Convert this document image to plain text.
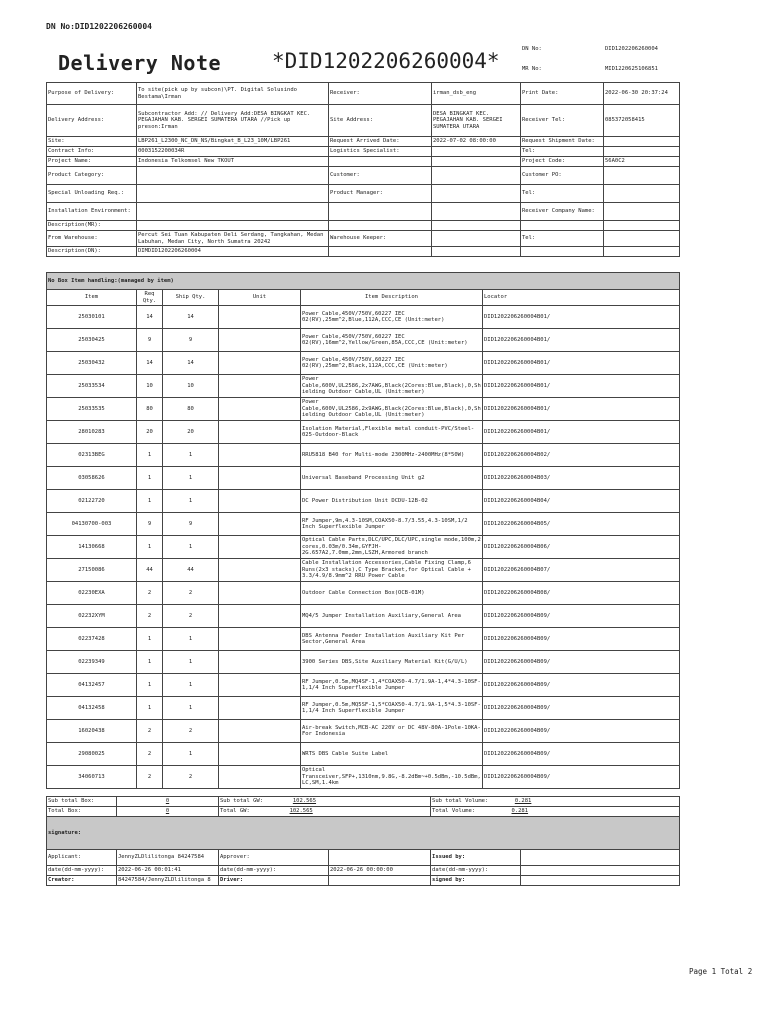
DN No:DID1202206260004
Delivery Note *DID1202206260004*	DN No:	DID1202206260004
MR No:	MID1220625106851
Purpose of Delivery:	To site(pick up by subcon)\PT. Digital Solusindo Bestama\Irman	Receiver:	irman_dsb_eng	Print Date:	2022-06-30 20:37:24
Delivery Address:	Subcontractor Add: // Delivery Add:DESA BINGKAT KEC. PEGAJAHAN KAB. SERGEI SUMATERA UTARA //Pick up preson:Irman	Site Address:	DESA BINGKAT KEC. PEGAJAHAN KAB. SERGEI SUMATERA UTARA	Receiver Tel:	085372058415
Site:	LBP261_L2300_NC_DN_NS/Bingkat_B_L23_10M/LBP261	Request Arrived Date:	2022-07-02 08:00:00	Request Shipment Date:	
Contract Info:	0003152200034R	Logistics Specialist:		Tel:	
Project Name:	Indonesia Telkomsel New TKOUT			Project Code:	56A0C2
Product Category:		Customer:		Customer PO:	
Special Unloading Req.:		Product Manager:		Tel:	
Installation Environment:				Receiver Company Name:	
Description(MR):					
From Warehouse:	Percut Sei Tuan Kabupaten Deli Serdang, Tangkahan, Medan Labuhan, Medan City, North Sumatra 20242	Warehouse Keeper:		Tel:	
Description(DN):	DIMDID1202206260004				
No Box Item handling:(managed by item)					
Item	Req Qty.	Ship Qty.	Unit	Item Description	Locator
25030101	14	14		Power Cable,450V/750V,60227 IEC 02(RV),25mm^2,Blue,112A,CCC,CE (Unit:meter)	DID1202206260004B01/
25030425	9	9		Power Cable,450V/750V,60227 IEC 02(RV),16mm^2,Yellow/Green,85A,CCC,CE (Unit:meter)	DID1202206260004B01/
25030432	14	14		Power Cable,450V/750V,60227 IEC 02(RV),25mm^2,Black,112A,CCC,CE (Unit:meter)	DID1202206260004B01/
25033534	10	10		Power Cable,600V,UL2586,2x7AWG,Black(2Cores:Blue,Black),0,Shielding Outdoor Cable,UL (Unit:meter)	DID1202206260004B01/
25033535	80	80		Power Cable,600V,UL2586,2x9AWG,Black(2Cores:Blue,Black),0,Shielding Outdoor Cable,UL (Unit:meter)	DID1202206260004B01/
28010283	20	20		Isolation Material,Flexible metal conduit-PVC/Steel-025-Outdoor-Black	DID1202206260004B01/
02313BEG	1	1		RRU5818 B40 for Multi-mode 2300MHz-2400MHz(8*50W)	DID1202206260004B02/
03058626	1	1		Universal Baseband Processing Unit g2	DID1202206260004B03/
02122720	1	1		DC Power Distribution Unit DCDU-12B-02	DID1202206260004B04/
04130700-003	9	9		RF Jumper,9m,4.3-10SM,COAX50-8.7/3.55,4.3-10SM,1/2 Inch Superflexible Jumper	DID1202206260004B05/
14130668	1	1		Optical Cable Parts,DLC/UPC,DLC/UPC,single mode,100m,2 cores,0.03m/0.34m,GYFJH-2G.657A2,7.0mm,2mm,LSZH,Armored branch	DID1202206260004B06/
27150086	44	44		Cable Installation Accessories,Cable Fixing Clamp,6 Runs(2x3 stacks),C Type Bracket,for Optical Cable + 3.3/4.9/8.9mm^2 RRU Power Cable	DID1202206260004B07/
02230EXA	2	2		Outdoor Cable Connection Box(OCB-01M)	DID1202206260004B08/
02232XYM	2	2		MQ4/5 Jumper Installation Auxiliary,General Area	DID1202206260004B09/
02237428	1	1		DBS Antenna Feeder Installation Auxiliary Kit Per Sector,General Area	DID1202206260004B09/
02239349	1	1		3900 Series DBS,Site Auxiliary Material Kit(G/U/L)	DID1202206260004B09/
04132457	1	1		RF Jumper,0.5m,MQ4SF-1,4*COAX50-4.7/1.9A-1,4*4.3-10SF-1,1/4 Inch Superflexible Jumper	DID1202206260004B09/
04132458	1	1		RF Jumper,0.5m,MQ5SF-1,5*COAX50-4.7/1.9A-1,5*4.3-10SF-1,1/4 Inch Superflexible Jumper	DID1202206260004B09/
16020438	2	2		Air-break Switch,MCB-AC 220V or DC 48V-80A-1Pole-10KA-For Indonesia	DID1202206260004B09/
29080025	2	1		WRTS DBS Cable Suite Label	DID1202206260004B09/
34060713	2	2		Optical Transceiver,SFP+,1310nm,9.8G,-8.2dBm~+0.5dBm,-10.5dBm,LC,SM,1.4km	DID1202206260004B09/
Sub total Box:	0	Sub total GW: 102.565		Sub total Volume: 0.281	
Total Box:	0	Total GW: 102.565		Total Volume: 0.281	
signature:					
Applicant:	JennyZLDlilitonga 84247584	Approver:		Issued by:	
date(dd-mm-yyyy):	2022-06-26 00:01:41	date(dd-mm-yyyy):	2022-06-26 00:00:00	date(dd-mm-yyyy):	
Creator:	84247584/JennyZLDlilitonga 8	Driver:		signed by:	
Page 1 Total 2
